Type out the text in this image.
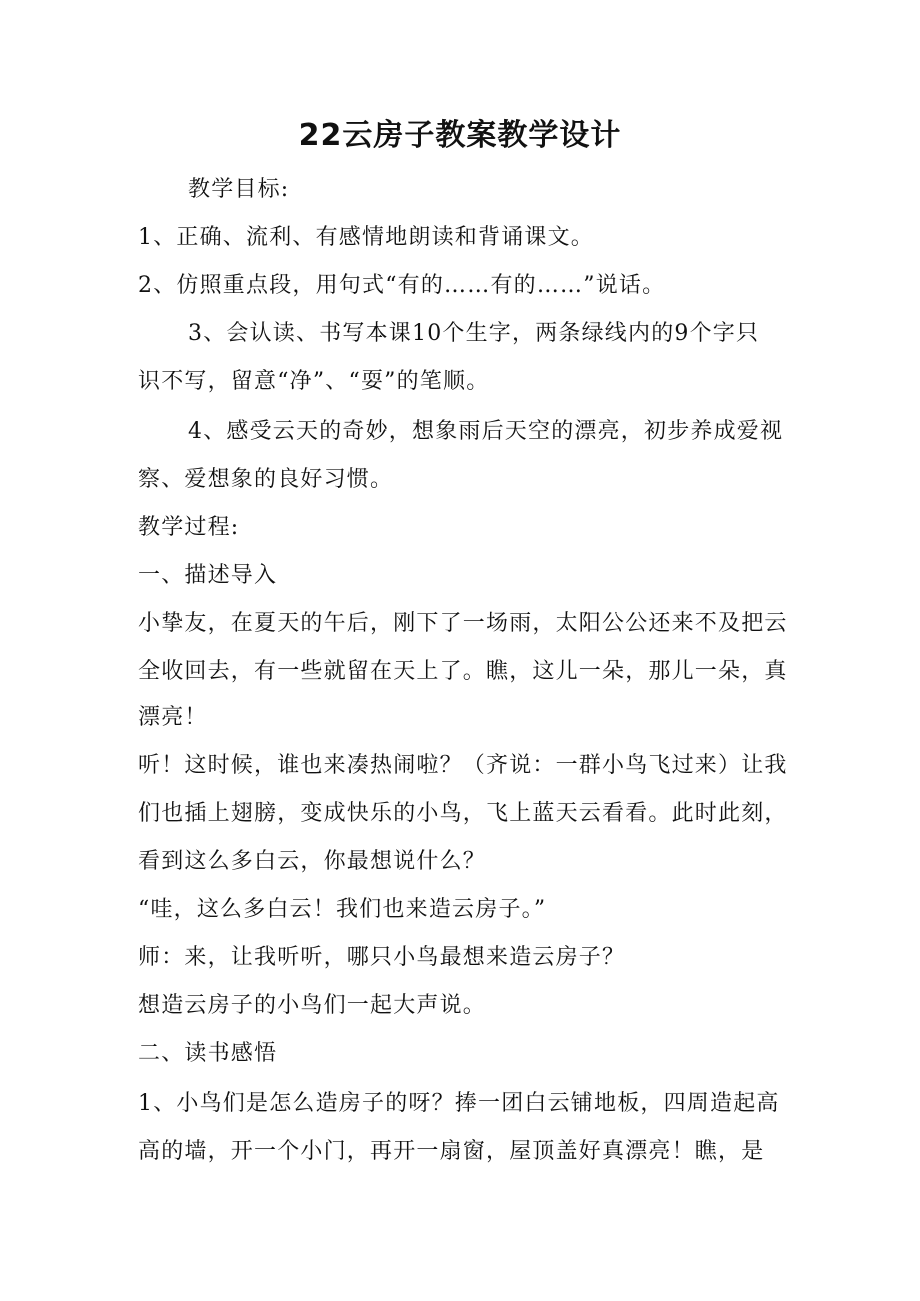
22云房子教案教学设计
教学目标:
1、正确、流利、有感情地朗读和背诵课文。
2、仿照重点段，用句式“有的……有的……”说话。
3、会认读、书写本课10个生字，两条绿线内的9个字只
识不写，留意“净”、“耍”的笔顺。
4、感受云天的奇妙，想象雨后天空的漂亮，初步养成爱视
察、爱想象的良好习惯。
教学过程:
一、描述导入
小挚友，在夏天的午后，刚下了一场雨，太阳公公还来不及把云
全收回去，有一些就留在天上了。瞧，这儿一朵，那儿一朵，真
漂亮！
听！这时候，谁也来凑热闹啦？（齐说：一群小鸟飞过来）让我
们也插上翅膀，变成快乐的小鸟，飞上蓝天云看看。此时此刻，
看到这么多白云，你最想说什么？
“哇，这么多白云！我们也来造云房子。”
师：来，让我听听，哪只小鸟最想来造云房子？
想造云房子的小鸟们一起大声说。
二、读书感悟
1、小鸟们是怎么造房子的呀？捧一团白云铺地板，四周造起高
高的墙，开一个小门，再开一扇窗，屋顶盖好真漂亮！瞧，是
